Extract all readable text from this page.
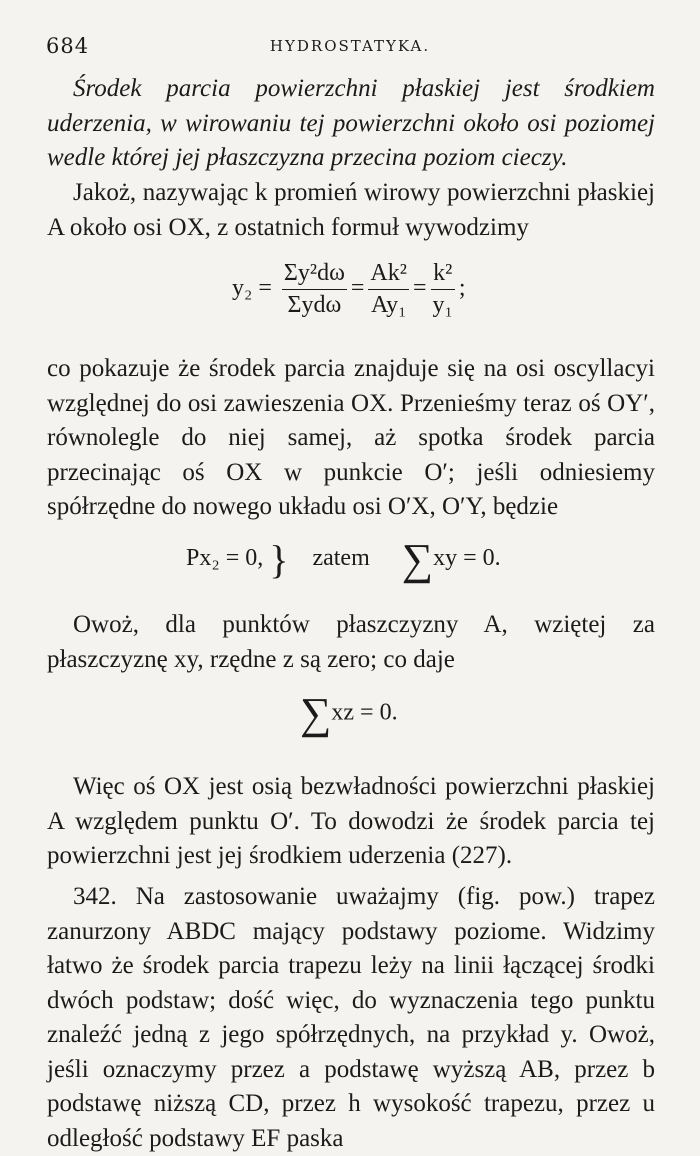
684	HYDROSTATYKA.
Środek parcia powierzchni płaskiej jest środkiem uderzenia, w wirowaniu tej powierzchni około osi poziomej wedle której jej płaszczyzna przecina poziom cieczy.
Jakoż, nazywając k promień wirowy powierzchni płaskiej A około osi OX, z ostatnich formuł wywodzimy
$y_2 = \frac{\text{Σy²dω}}{\text{Σydω}} = \frac{\text{Ak²}}{\text{Ay₁}} = \frac{\text{k²}}{\text{y₁}}$ ;
co pokazuje że środek parcia znajduje się na osi oscyllacyi względnej do osi zawieszenia OX. Przenieśmy teraz oś OY′, równolegle do niej samej, aż spotka środek parcia przecinając oś OX w punkcie O′; jeśli odniesiemy spółrzędne do nowego układu osi O′X, O′Y, będzie
Px₂ = 0, } zatem ∑xy = 0.
Owoż, dla punktów płaszczyzny A, wziętej za płaszczyznę xy, rzędne z są zero; co daje
∑xz = 0.
Więc oś OX jest osią bezwładności powierzchni płaskiej A względem punktu O′. To dowodzi że środek parcia tej powierzchni jest jej środkiem uderzenia (227).
342. Na zastosowanie uważajmy (fig. pow.) trapez zanurzony ABDC mający podstawy poziome. Widzimy łatwo że środek parcia trapezu leży na linii łączącej środki dwóch podstaw; dość więc, do wyznaczenia tego punktu znaleźć jedną z jego spółrzędnych, na przykład y. Owoż, jeśli oznaczymy przez a podstawę wyższą AB, przez b podstawę niższą CD, przez h wysokość trapezu, przez u odległość podstawy EF paska
